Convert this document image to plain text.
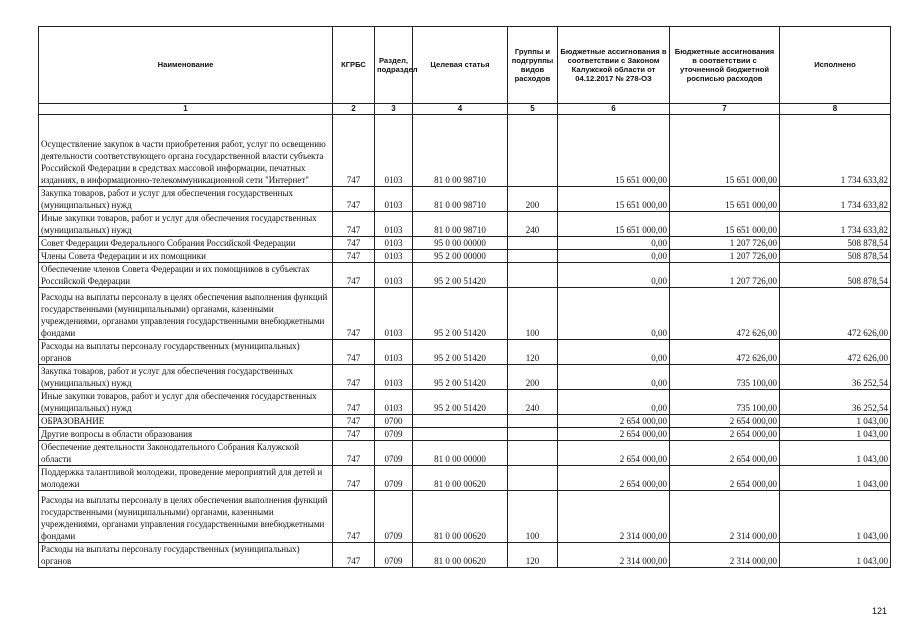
Наименование	КГРБС	Раздел, подраздел	Целевая статья	Группы и подгруппы видов расходов	Бюджетные ассигнования в соответствии с Законом Калужской области от 04.12.2017 № 278-ОЗ	Бюджетные ассигнования в соответствии с уточненной бюджетной росписью расходов	Исполнено
1	2	3	4	5	6	7	8
Осуществление закупок в части приобретения работ, услуг по освещению деятельности соответствующего органа государственной власти субъекта Российской Федерации в средствах массовой информации, печатных изданиях, в информационно-телекоммуникационной сети "Интернет"	747	0103	81 0 00 98710		15 651 000,00	15 651 000,00	1 734 633,82
Закупка товаров, работ и услуг для обеспечения государственных (муниципальных) нужд	747	0103	81 0 00 98710	200	15 651 000,00	15 651 000,00	1 734 633,82
Иные закупки товаров, работ и услуг для обеспечения государственных (муниципальных) нужд	747	0103	81 0 00 98710	240	15 651 000,00	15 651 000,00	1 734 633,82
Совет Федерации Федерального Собрания Российской Федерации	747	0103	95 0 00 00000		0,00	1 207 726,00	508 878,54
Члены Совета Федерации и их помощники	747	0103	95 2 00 00000		0,00	1 207 726,00	508 878,54
Обеспечение членов Совета Федерации и их помощников в субъектах Российской Федерации	747	0103	95 2 00 51420		0,00	1 207 726,00	508 878,54
Расходы на выплаты персоналу в целях обеспечения выполнения функций государственными (муниципальными) органами, казенными учреждениями, органами управления государственными внебюджетными фондами	747	0103	95 2 00 51420	100	0,00	472 626,00	472 626,00
Расходы на выплаты персоналу государственных (муниципальных) органов	747	0103	95 2 00 51420	120	0,00	472 626,00	472 626,00
Закупка товаров, работ и услуг для обеспечения государственных (муниципальных) нужд	747	0103	95 2 00 51420	200	0,00	735 100,00	36 252,54
Иные закупки товаров, работ и услуг для обеспечения государственных (муниципальных) нужд	747	0103	95 2 00 51420	240	0,00	735 100,00	36 252,54
ОБРАЗОВАНИЕ	747	0700			2 654 000,00	2 654 000,00	1 043,00
Другие вопросы в области образования	747	0709			2 654 000,00	2 654 000,00	1 043,00
Обеспечение деятельности Законодательного Собрания Калужской области	747	0709	81 0 00 00000		2 654 000,00	2 654 000,00	1 043,00
Поддержка талантливой молодежи, проведение мероприятий для детей и молодежи	747	0709	81 0 00 00620		2 654 000,00	2 654 000,00	1 043,00
Расходы на выплаты персоналу в целях обеспечения выполнения функций государственными (муниципальными) органами, казенными учреждениями, органами управления государственными внебюджетными фондами	747	0709	81 0 00 00620	100	2 314 000,00	2 314 000,00	1 043,00
Расходы на выплаты персоналу государственных (муниципальных) органов	747	0709	81 0 00 00620	120	2 314 000,00	2 314 000,00	1 043,00
121
